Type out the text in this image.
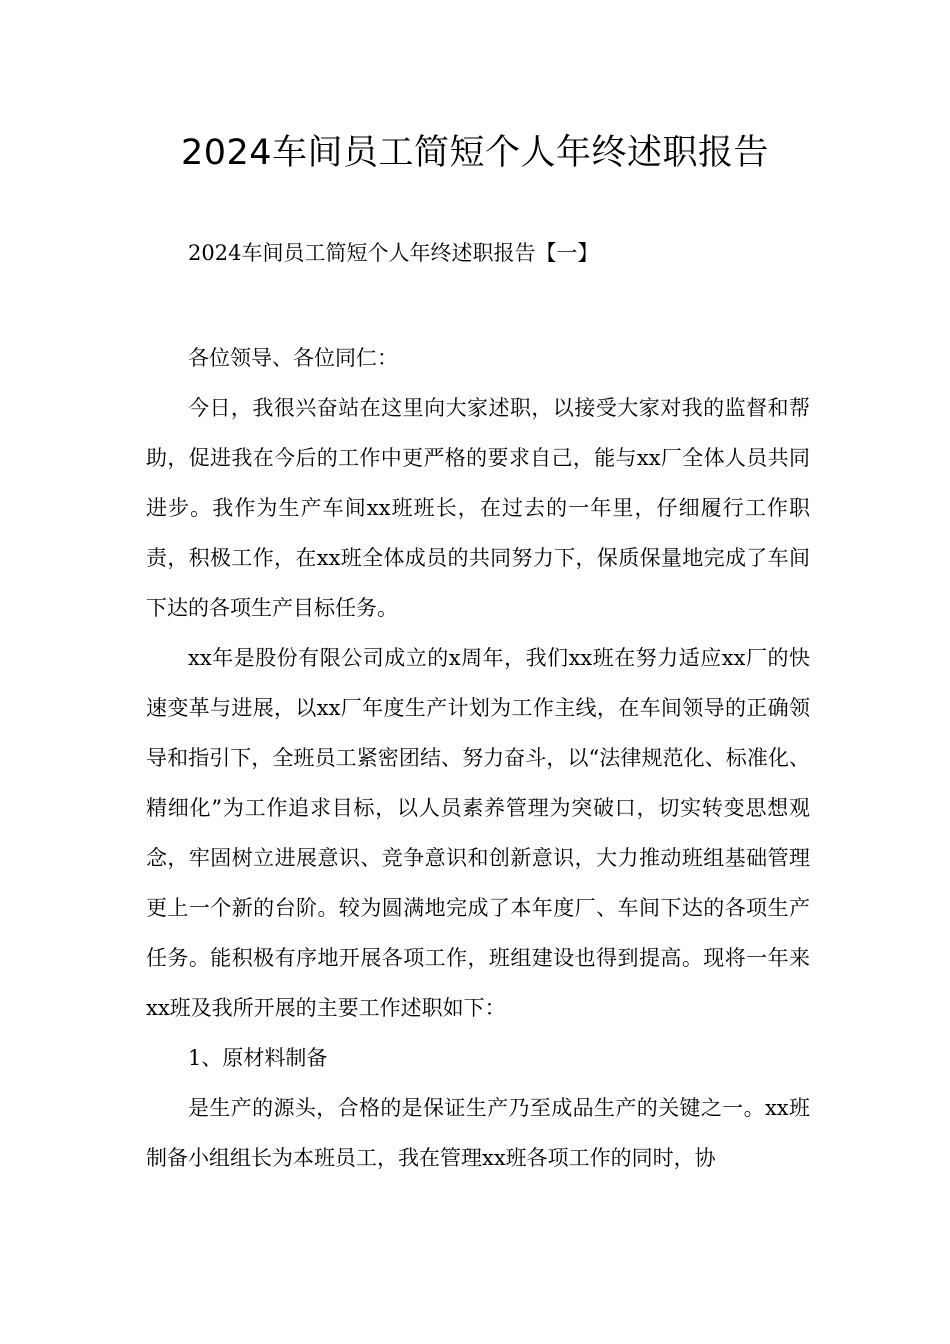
2024车间员工简短个人年终述职报告

2024车间员工简短个人年终述职报告【一】

各位领导、各位同仁：

今日，我很兴奋站在这里向大家述职，以接受大家对我的监督和帮助，促进我在今后的工作中更严格的要求自己，能与xx厂全体人员共同进步。我作为生产车间xx班班长，在过去的一年里，仔细履行工作职责，积极工作，在xx班全体成员的共同努力下，保质保量地完成了车间下达的各项生产目标任务。

xx年是股份有限公司成立的x周年，我们xx班在努力适应xx厂的快速变革与进展，以xx厂年度生产计划为工作主线，在车间领导的正确领导和指引下，全班员工紧密团结、努力奋斗，以“法律规范化、标准化、精细化”为工作追求目标，以人员素养管理为突破口，切实转变思想观念，牢固树立进展意识、竞争意识和创新意识，大力推动班组基础管理更上一个新的台阶。较为圆满地完成了本年度厂、车间下达的各项生产任务。能积极有序地开展各项工作，班组建设也得到提高。现将一年来xx班及我所开展的主要工作述职如下：

1、原材料制备

是生产的源头，合格的是保证生产乃至成品生产的关键之一。xx班制备小组组长为本班员工，我在管理xx班各项工作的同时，协
